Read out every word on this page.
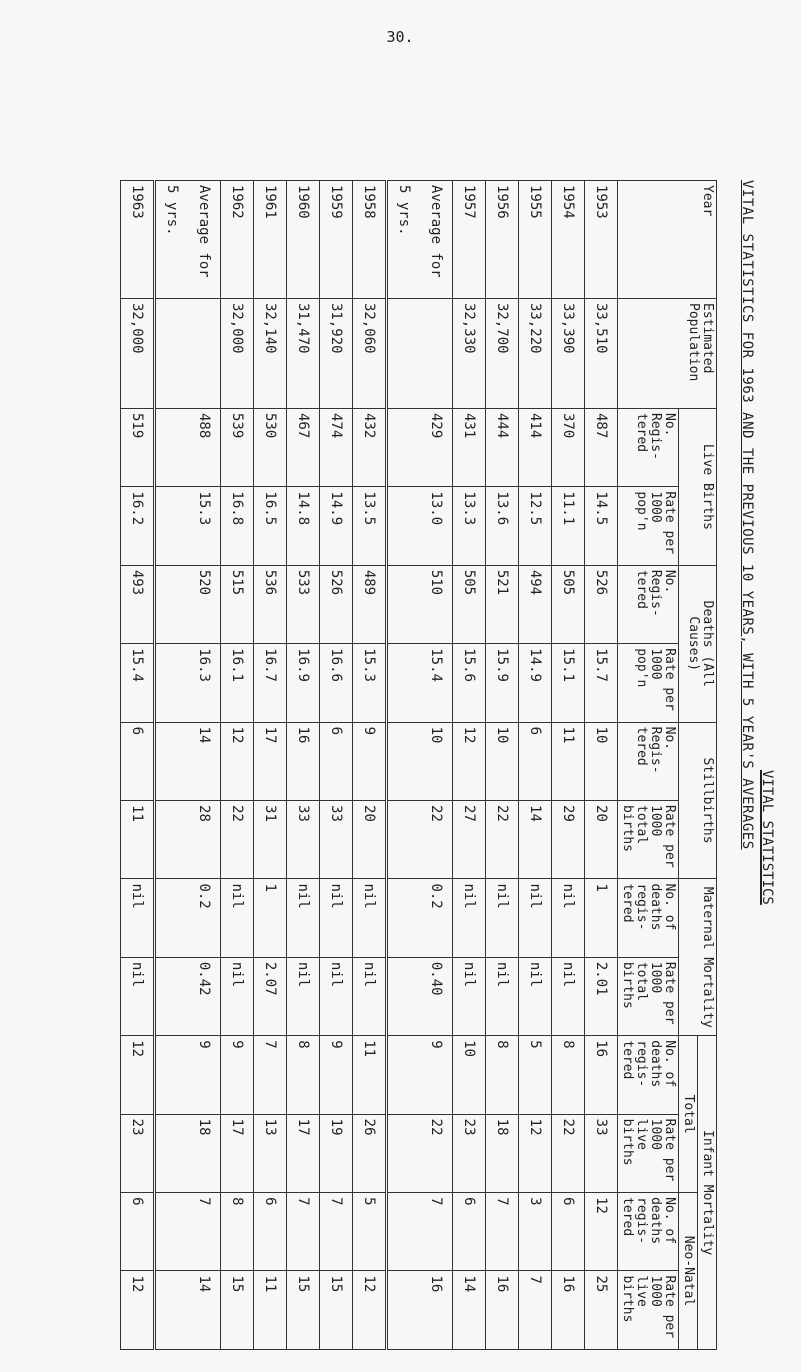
30.
VITAL STATISTICS
VITAL STATISTICS FOR 1963 AND THE PREVIOUS 10 YEARS, WITH 5 YEAR'S AVERAGES
Year	Estimated Population	Live Births		Deaths (All Causes)		Stillbirths		Maternal Mortality		Infant Mortality			
										Total		Neo-Natal	
		No. Regis- tered	Rate per 1000 pop'n	No. Regis- tered	Rate per 1000 pop'n	No. Regis- tered	Rate per 1000 total births	No. of deaths regis- tered	Rate per 1000 total births	No. of deaths regis- tered	Rate per 1000 live births	No. of deaths regis- tered	Rate per 1000 live births
1953	33,510	487	14.5	526	15.7	10	20	1	2.01	16	33	12	25
1954	33,390	370	11.1	505	15.1	11	29	nil	nil	8	22	6	16
1955	33,220	414	12.5	494	14.9	6	14	nil	nil	5	12	3	7
1956	32,700	444	13.6	521	15.9	10	22	nil	nil	8	18	7	16
1957	32,330	431	13.3	505	15.6	12	27	nil	nil	10	23	6	14
Average for 5 yrs.		429	13.0	510	15.4	10	22	0.2	0.40	9	22	7	16
1958	32,060	432	13.5	489	15.3	9	20	nil	nil	11	26	5	12
1959	31,920	474	14.9	526	16.6	6	33	nil	nil	9	19	7	15
1960	31,470	467	14.8	533	16.9	16	33	nil	nil	8	17	7	15
1961	32,140	530	16.5	536	16.7	17	31	1	2.07	7	13	6	11
1962	32,000	539	16.8	515	16.1	12	22	nil	nil	9	17	8	15
Average for 5 yrs.		488	15.3	520	16.3	14	28	0.2	0.42	9	18	7	14
1963	32,000	519	16.2	493	15.4	6	11	nil	nil	12	23	6	12
